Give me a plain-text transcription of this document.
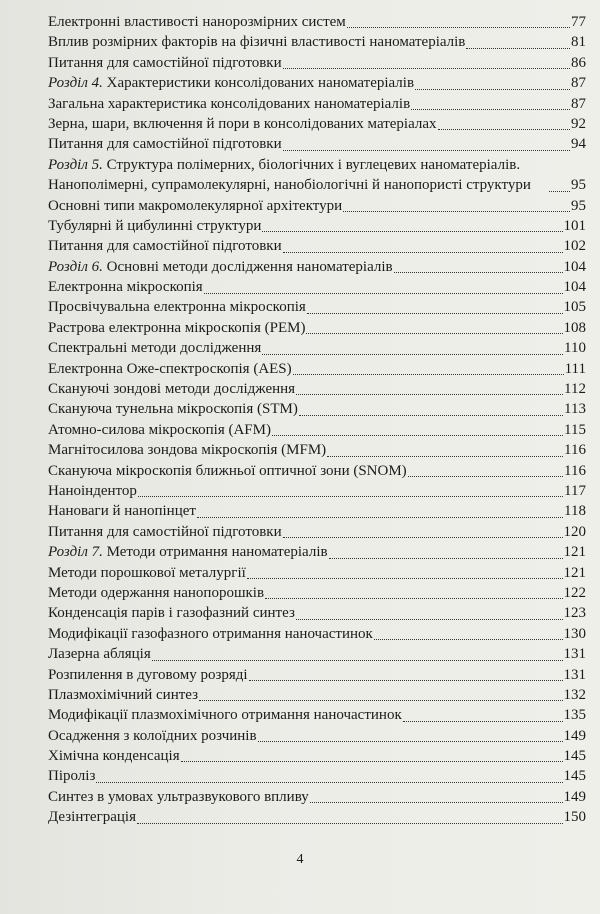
Електронні властивості нанорозмірних систем	77
Вплив розмірних факторів на фізичні властивості наноматеріалів	81
Питання для самостійної підготовки	86
Розділ 4. Характеристики консолідованих наноматеріалів	87
Загальна характеристика консолідованих наноматеріалів	87
Зерна, шари, включення й пори в консолідованих матеріалах	92
Питання для самостійної підготовки	94
Розділ 5. Структура полімерних, біологічних і вуглецевих наноматеріалів. Нанополімерні, супрамолекулярні, нанобіологічні й нанопористі структури	95
Основні типи макромолекулярної архітектури	95
Тубулярні й цибулинні структури	101
Питання для самостійної підготовки	102
Розділ 6. Основні методи дослідження наноматеріалів	104
Електронна мікроскопія	104
Просвічувальна електронна мікроскопія	105
Растрова електронна мікроскопія (PEM)	108
Спектральні методи дослідження	110
Електронна Оже-спектроскопія (AES)	111
Скануючі зондові методи дослідження	112
Скануюча тунельна мікроскопія (STM)	113
Атомно-силова мікроскопія (AFM)	115
Магнітосилова зондова мікроскопія (MFM)	116
Скануюча мікроскопія ближньої оптичної зони (SNOM)	116
Наноіндентор	117
Нановаги й нанопінцет	118
Питання для самостійної підготовки	120
Розділ 7. Методи отримання наноматеріалів	121
Методи порошкової металургії	121
Методи одержання нанопорошків	122
Конденсація парів і газофазний синтез	123
Модифікації газофазного отримання наночастинок	130
Лазерна абляція	131
Розпилення в дуговому розряді	131
Плазмохімічний синтез	132
Модифікації плазмохімічного отримання наночастинок	135
Осадження з колоїдних розчинів	149
Хімічна конденсація	145
Піроліз	145
Синтез в умовах ультразвукового впливу	149
Дезінтеграція	150
4
